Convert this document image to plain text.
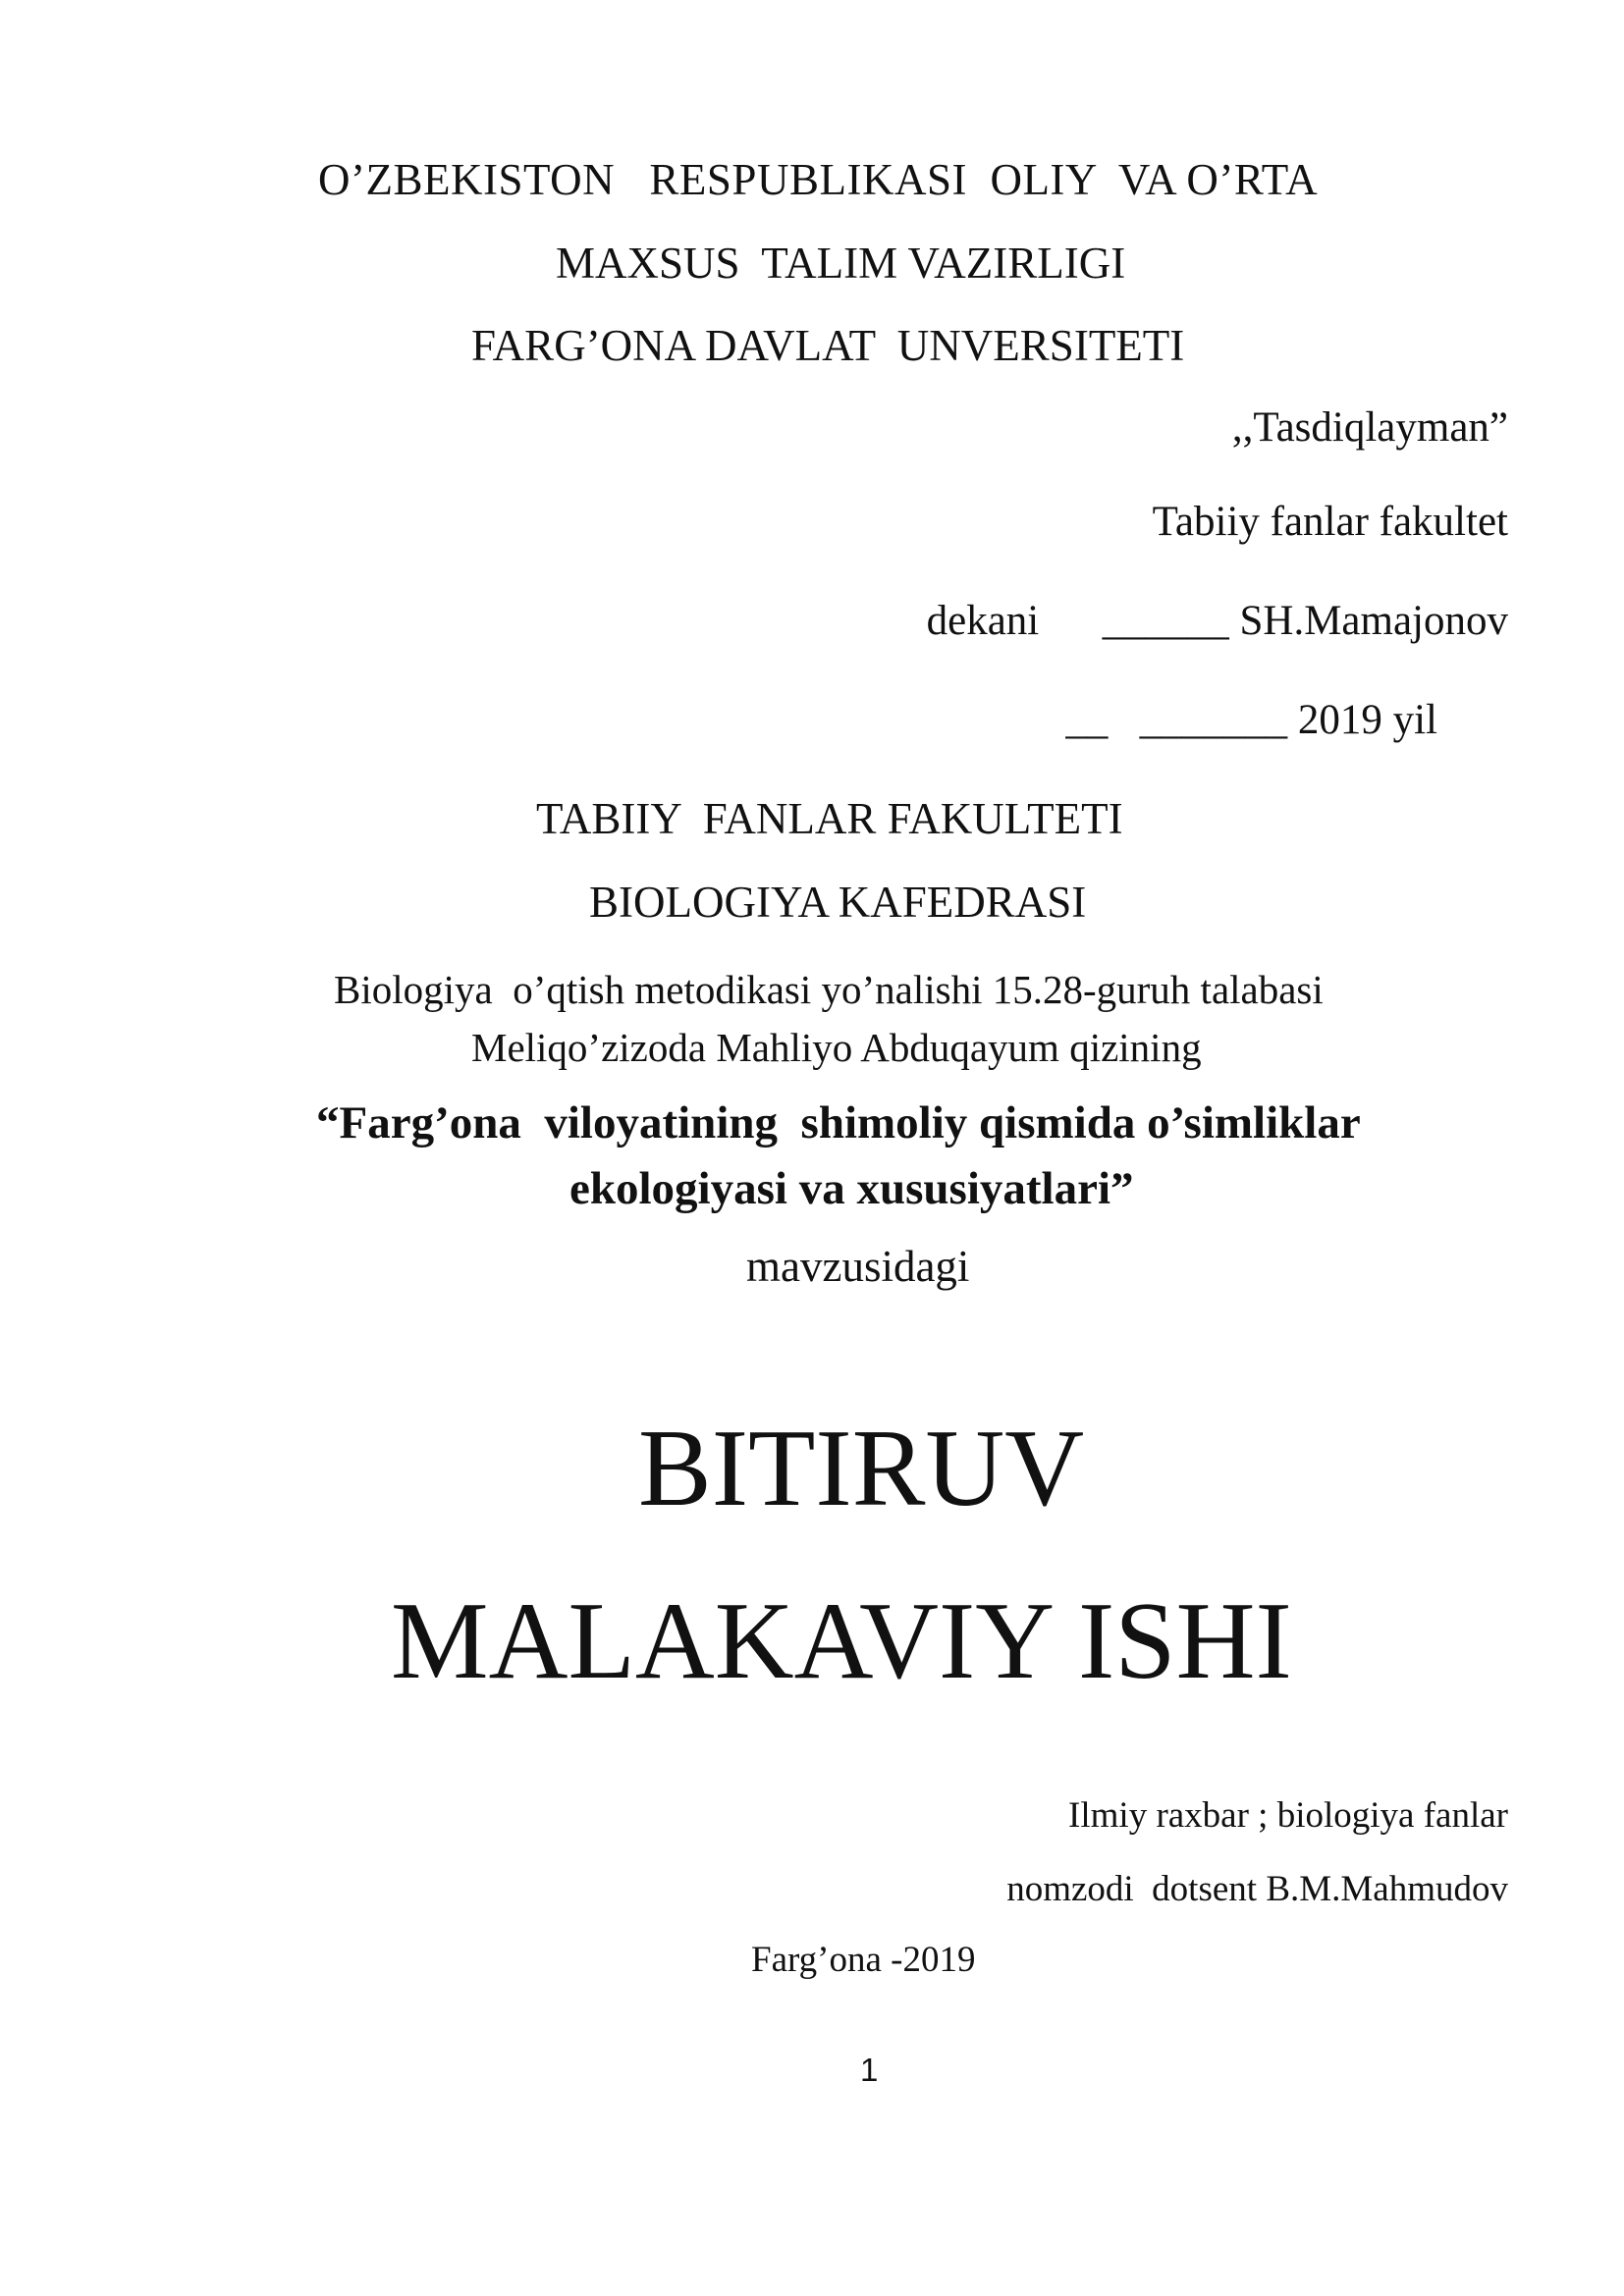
O’ZBEKISTON   RESPUBLIKASI  OLIY  VA O’RTA
MAXSUS  TALIM VAZIRLIGI
FARG’ONA DAVLAT  UNVERSITETI
,,Tasdiqlayman”
Tabiiy fanlar fakultet
dekani      ______ SH.Mamajonov
__   _______ 2019 yil
TABIIY  FANLAR FAKULTETI
BIOLOGIYA KAFEDRASI
Biologiya  o’qtish metodikasi yo’nalishi 15.28-guruh talabasi
Meliqo’zizoda Mahliyo Abduqayum qizining
“Farg’ona  viloyatining  shimoliy qismida o’simliklar
ekologiyasi va xususiyatlari”
mavzusidagi
BITIRUV
MALAKAVIY ISHI
Ilmiy raxbar ; biologiya fanlar
nomzodi  dotsent B.M.Mahmudov
Farg’ona -2019
1
